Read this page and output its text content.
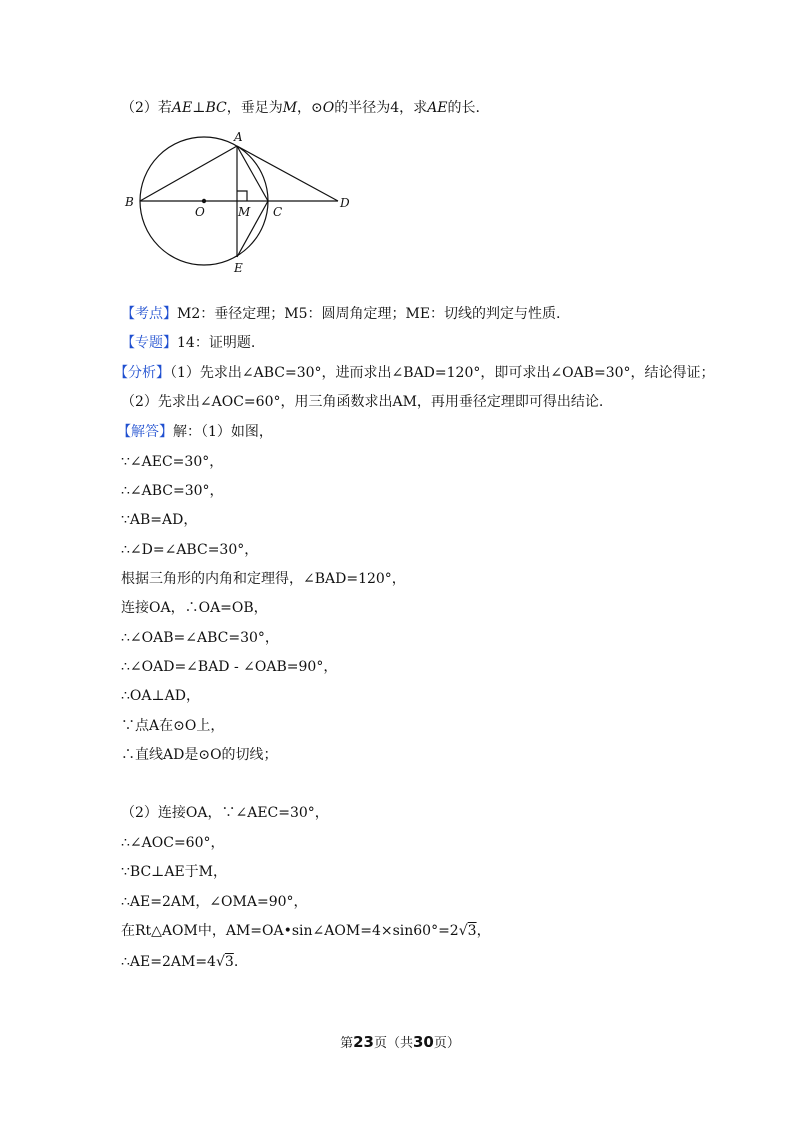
（2）若AE⊥BC，垂足为M，⊙O的半径为4，求AE的长.
A
B
O	M C
D
E
【考点】M2：垂径定理；M5：圆周角定理；ME：切线的判定与性质.
【专题】14：证明题.
【分析】（1）先求出∠ABC=30°，进而求出∠BAD=120°，即可求出∠OAB=30°，结论得证；
（2）先求出∠AOC=60°，用三角函数求出AM，再用垂径定理即可得出结论.
【解答】解：（1）如图，
∵∠AEC=30°，
∴∠ABC=30°，
∵AB=AD，
∴∠D=∠ABC=30°，
根据三角形的内角和定理得，∠BAD=120°，
连接OA，∴OA=OB，
∴∠OAB=∠ABC=30°，
∴∠OAD=∠BAD - ∠OAB=90°，
∴OA⊥AD，
∵点A在⊙O上，
∴直线AD是⊙O的切线；
（2）连接OA，∵∠AEC=30°，
∴∠AOC=60°，
∵BC⊥AE于M，
∴AE=2AM，∠OMA=90°，
在Rt△AOM中，AM=OA•sin∠AOM=4×sin60°=2√3，
∴AE=2AM=4√3.
第23页（共30页）
